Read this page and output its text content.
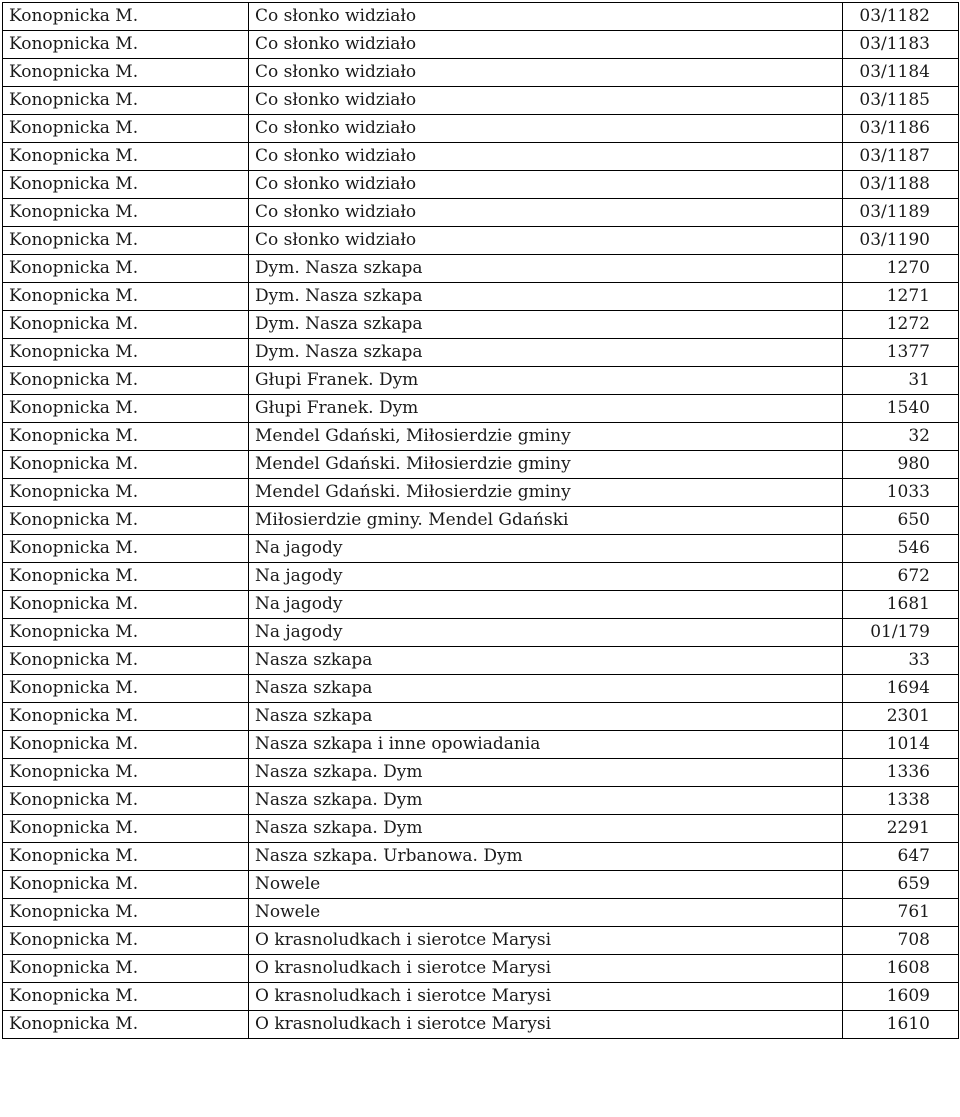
Konopnicka M.	Co słonko widziało	03/1182
Konopnicka M.	Co słonko widziało	03/1183
Konopnicka M.	Co słonko widziało	03/1184
Konopnicka M.	Co słonko widziało	03/1185
Konopnicka M.	Co słonko widziało	03/1186
Konopnicka M.	Co słonko widziało	03/1187
Konopnicka M.	Co słonko widziało	03/1188
Konopnicka M.	Co słonko widziało	03/1189
Konopnicka M.	Co słonko widziało	03/1190
Konopnicka M.	Dym. Nasza szkapa	1270
Konopnicka M.	Dym. Nasza szkapa	1271
Konopnicka M.	Dym. Nasza szkapa	1272
Konopnicka M.	Dym. Nasza szkapa	1377
Konopnicka M.	Głupi Franek. Dym	31
Konopnicka M.	Głupi Franek. Dym	1540
Konopnicka M.	Mendel Gdański, Miłosierdzie gminy	32
Konopnicka M.	Mendel Gdański. Miłosierdzie gminy	980
Konopnicka M.	Mendel Gdański. Miłosierdzie gminy	1033
Konopnicka M.	Miłosierdzie gminy. Mendel Gdański	650
Konopnicka M.	Na jagody	546
Konopnicka M.	Na jagody	672
Konopnicka M.	Na jagody	1681
Konopnicka M.	Na jagody	01/179
Konopnicka M.	Nasza szkapa	33
Konopnicka M.	Nasza szkapa	1694
Konopnicka M.	Nasza szkapa	2301
Konopnicka M.	Nasza szkapa i inne opowiadania	1014
Konopnicka M.	Nasza szkapa. Dym	1336
Konopnicka M.	Nasza szkapa. Dym	1338
Konopnicka M.	Nasza szkapa. Dym	2291
Konopnicka M.	Nasza szkapa. Urbanowa. Dym	647
Konopnicka M.	Nowele	659
Konopnicka M.	Nowele	761
Konopnicka M.	O krasnoludkach i sierotce Marysi	708
Konopnicka M.	O krasnoludkach i sierotce Marysi	1608
Konopnicka M.	O krasnoludkach i sierotce Marysi	1609
Konopnicka M.	O krasnoludkach i sierotce Marysi	1610
